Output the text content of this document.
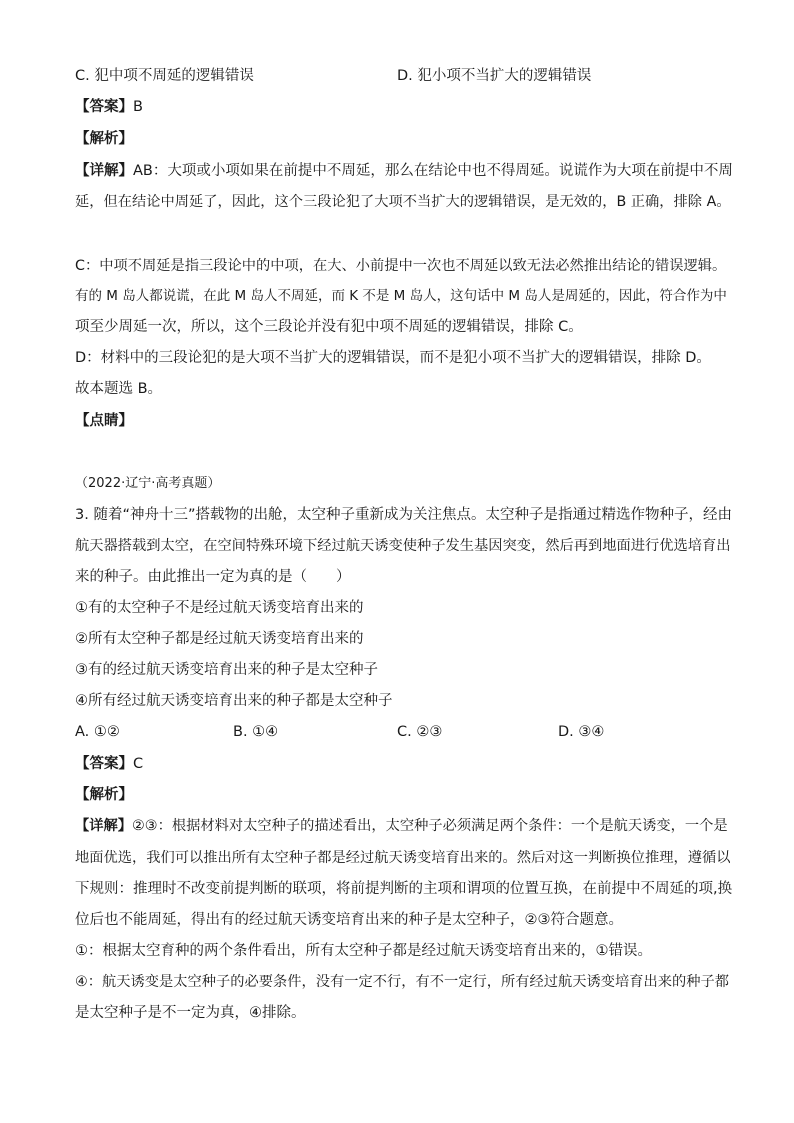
C. 犯中项不周延的逻辑错误	D. 犯小项不当扩大的逻辑错误
【答案】B
【解析】
【详解】AB：大项或小项如果在前提中不周延，那么在结论中也不得周延。说谎作为大项在前提中不周
延，但在结论中周延了，因此，这个三段论犯了大项不当扩大的逻辑错误，是无效的，B 正确，排除 A。
C：中项不周延是指三段论中的中项，在大、小前提中一次也不周延以致无法必然推出结论的错误逻辑。
有的 M 岛人都说谎，在此 M 岛人不周延，而 K 不是 M 岛人，这句话中 M 岛人是周延的，因此，符合作为中
项至少周延一次，所以，这个三段论并没有犯中项不周延的逻辑错误，排除 C。
D：材料中的三段论犯的是大项不当扩大的逻辑错误，而不是犯小项不当扩大的逻辑错误，排除 D。
故本题选 B。
【点睛】
（2022·辽宁·高考真题）
3. 随着“神舟十三”搭载物的出舱，太空种子重新成为关注焦点。太空种子是指通过精选作物种子，经由
航天器搭载到太空，在空间特殊环境下经过航天诱变使种子发生基因突变，然后再到地面进行优选培育出
来的种子。由此推出一定为真的是（　　）
①有的太空种子不是经过航天诱变培育出来的
②所有太空种子都是经过航天诱变培育出来的
③有的经过航天诱变培育出来的种子是太空种子
④所有经过航天诱变培育出来的种子都是太空种子
A. ①②	B. ①④	C. ②③	D. ③④
【答案】C
【解析】
【详解】②③：根据材料对太空种子的描述看出，太空种子必须满足两个条件：一个是航天诱变，一个是
地面优选，我们可以推出所有太空种子都是经过航天诱变培育出来的。然后对这一判断换位推理，遵循以
下规则：推理时不改变前提判断的联项，将前提判断的主项和谓项的位置互换，在前提中不周延的项,换
位后也不能周延，得出有的经过航天诱变培育出来的种子是太空种子，②③符合题意。
①：根据太空育种的两个条件看出，所有太空种子都是经过航天诱变培育出来的，①错误。
④：航天诱变是太空种子的必要条件，没有一定不行，有不一定行，所有经过航天诱变培育出来的种子都
是太空种子是不一定为真，④排除。
